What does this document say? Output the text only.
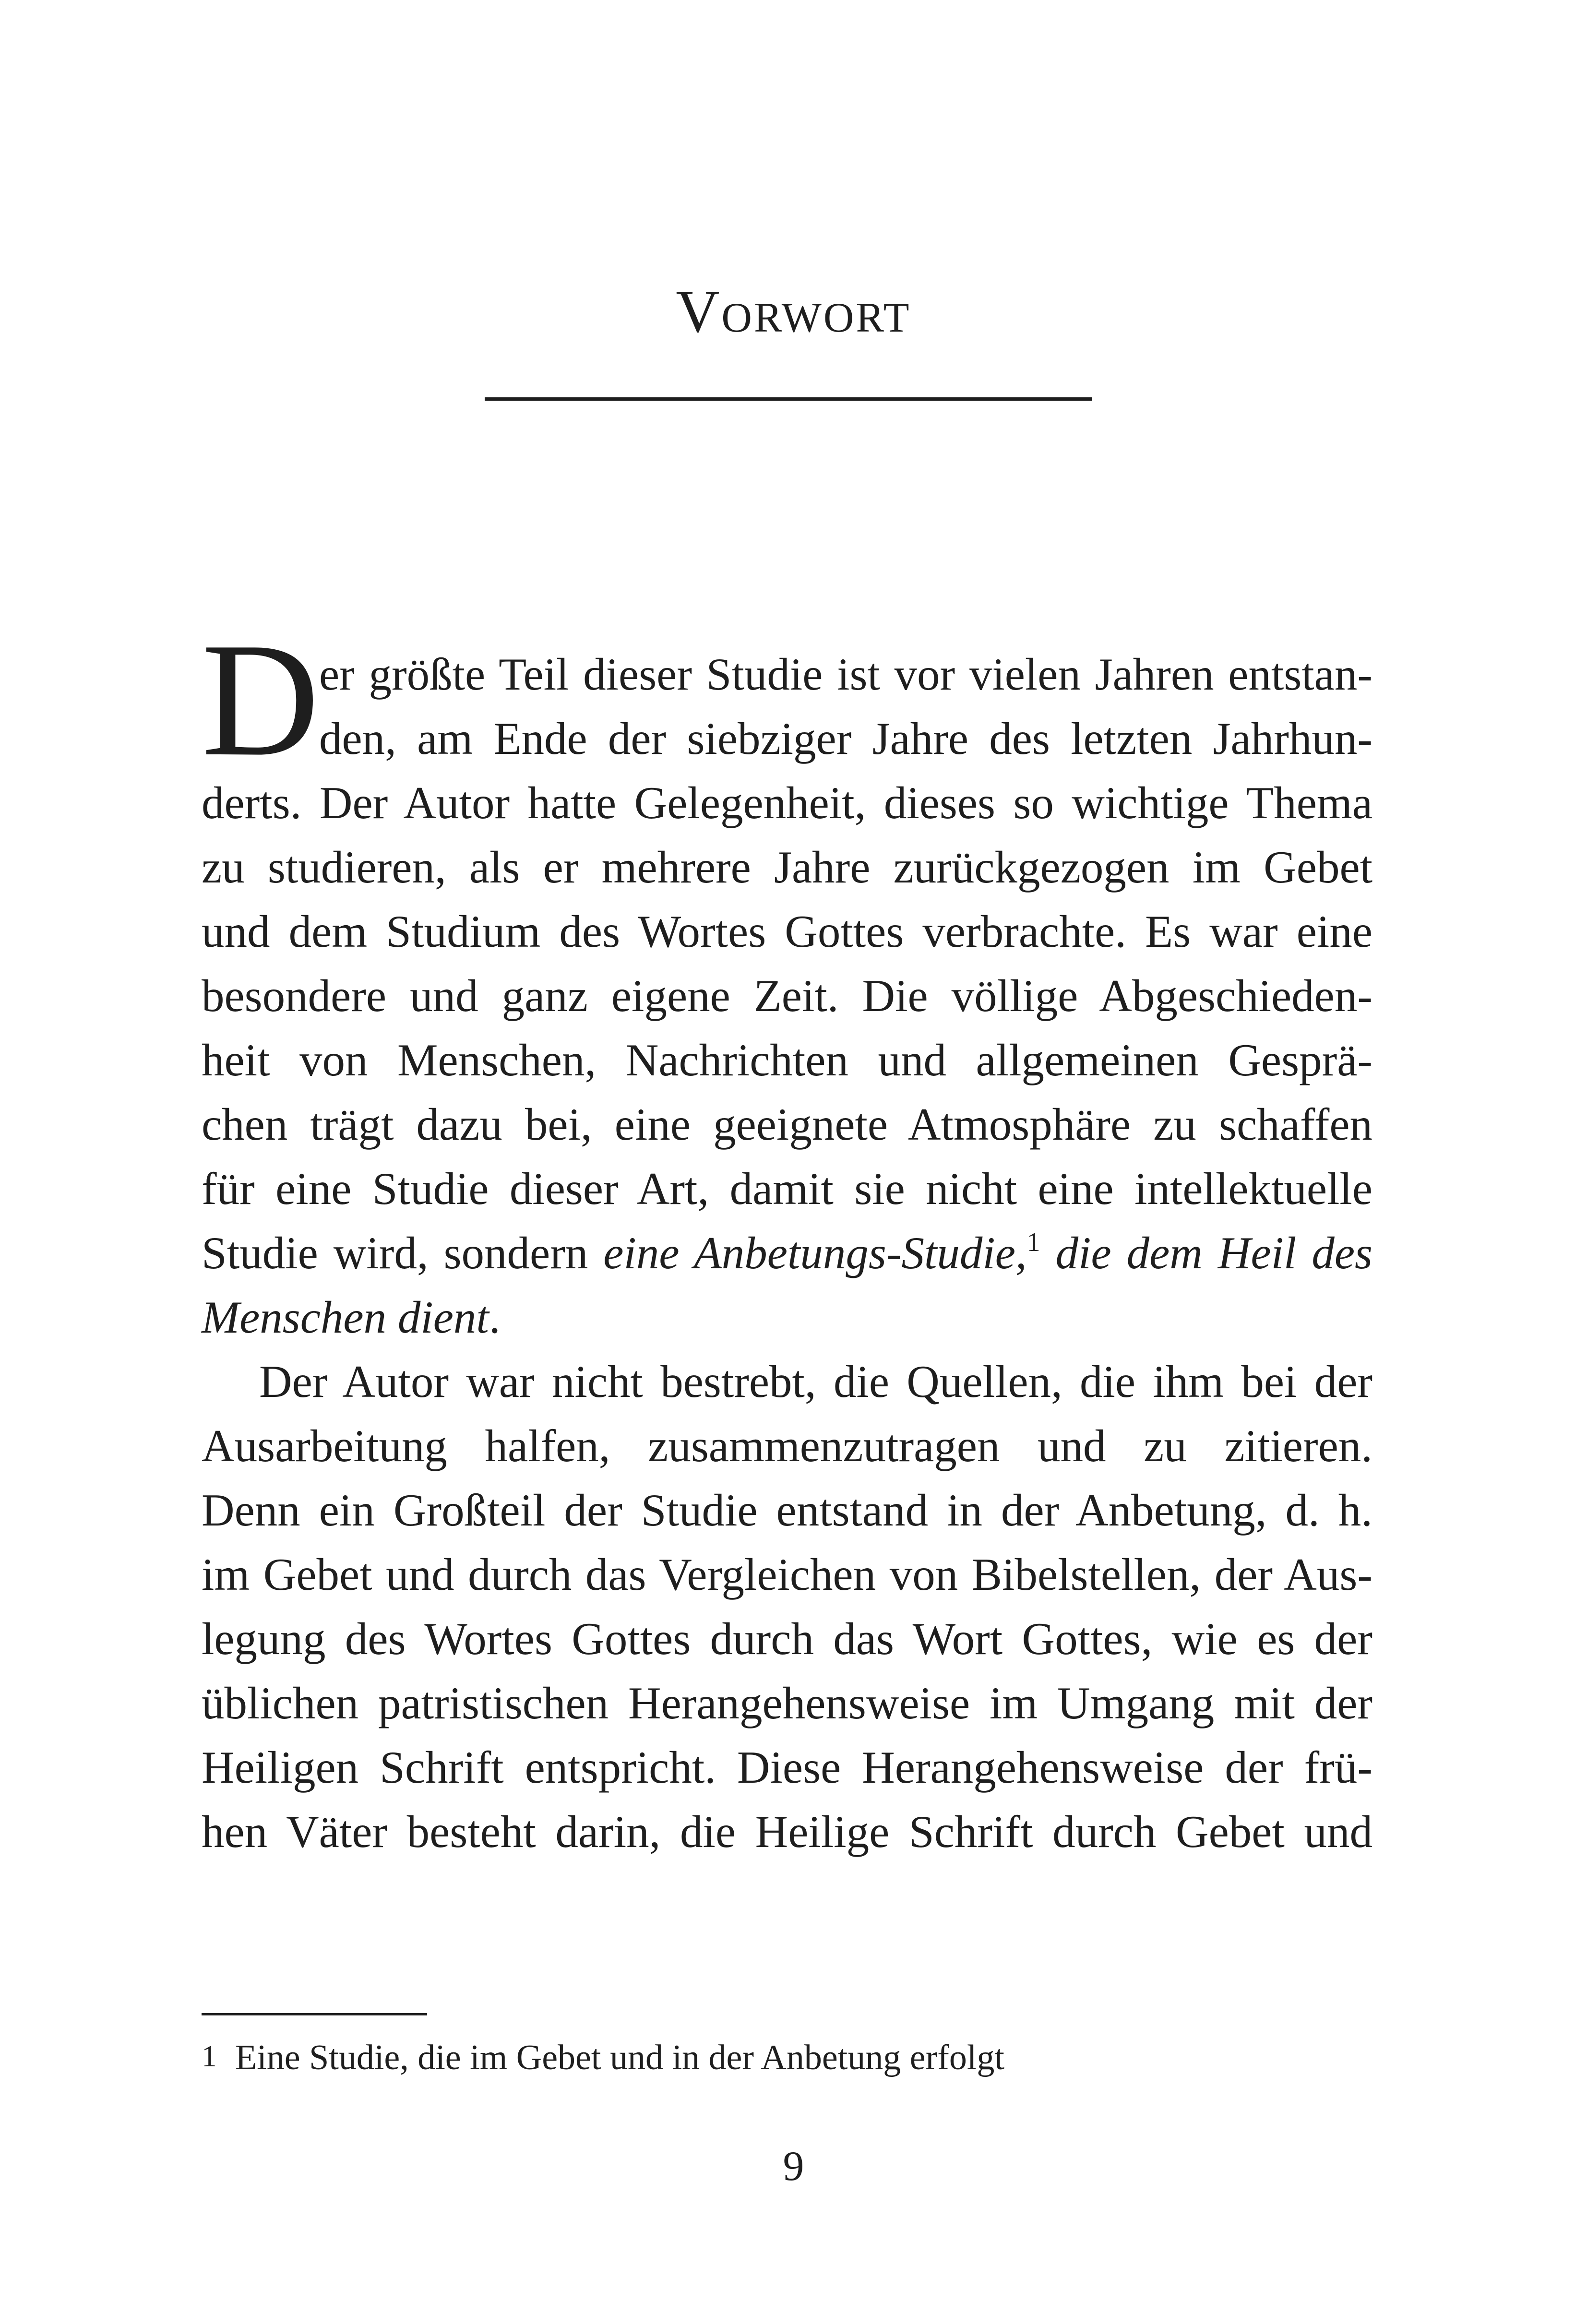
Vorwort
D er größte Teil dieser Studie ist vor vielen Jahren entstan-
den, am Ende der siebziger Jahre des letzten Jahrhun-
derts. Der Autor hatte Gelegenheit, dieses so wichtige Thema
zu studieren, als er mehrere Jahre zurückgezogen im Gebet
und dem Studium des Wortes Gottes verbrachte. Es war eine
besondere und ganz eigene Zeit. Die völlige Abgeschieden-
heit von Menschen, Nachrichten und allgemeinen Gesprä-
chen trägt dazu bei, eine geeignete Atmosphäre zu schaffen
für eine Studie dieser Art, damit sie nicht eine intellektuelle
Studie wird, sondern eine Anbetungs-Studie,$^1$ die dem Heil des
Menschen dient.
Der Autor war nicht bestrebt, die Quellen, die ihm bei der
Ausarbeitung halfen, zusammenzutragen und zu zitieren.
Denn ein Großteil der Studie entstand in der Anbetung, d. h.
im Gebet und durch das Vergleichen von Bibelstellen, der Aus-
legung des Wortes Gottes durch das Wort Gottes, wie es der
üblichen patristischen Herangehensweise im Umgang mit der
Heiligen Schrift entspricht. Diese Herangehensweise der frü-
hen Väter besteht darin, die Heilige Schrift durch Gebet und
1 Eine Studie, die im Gebet und in der Anbetung erfolgt
9
